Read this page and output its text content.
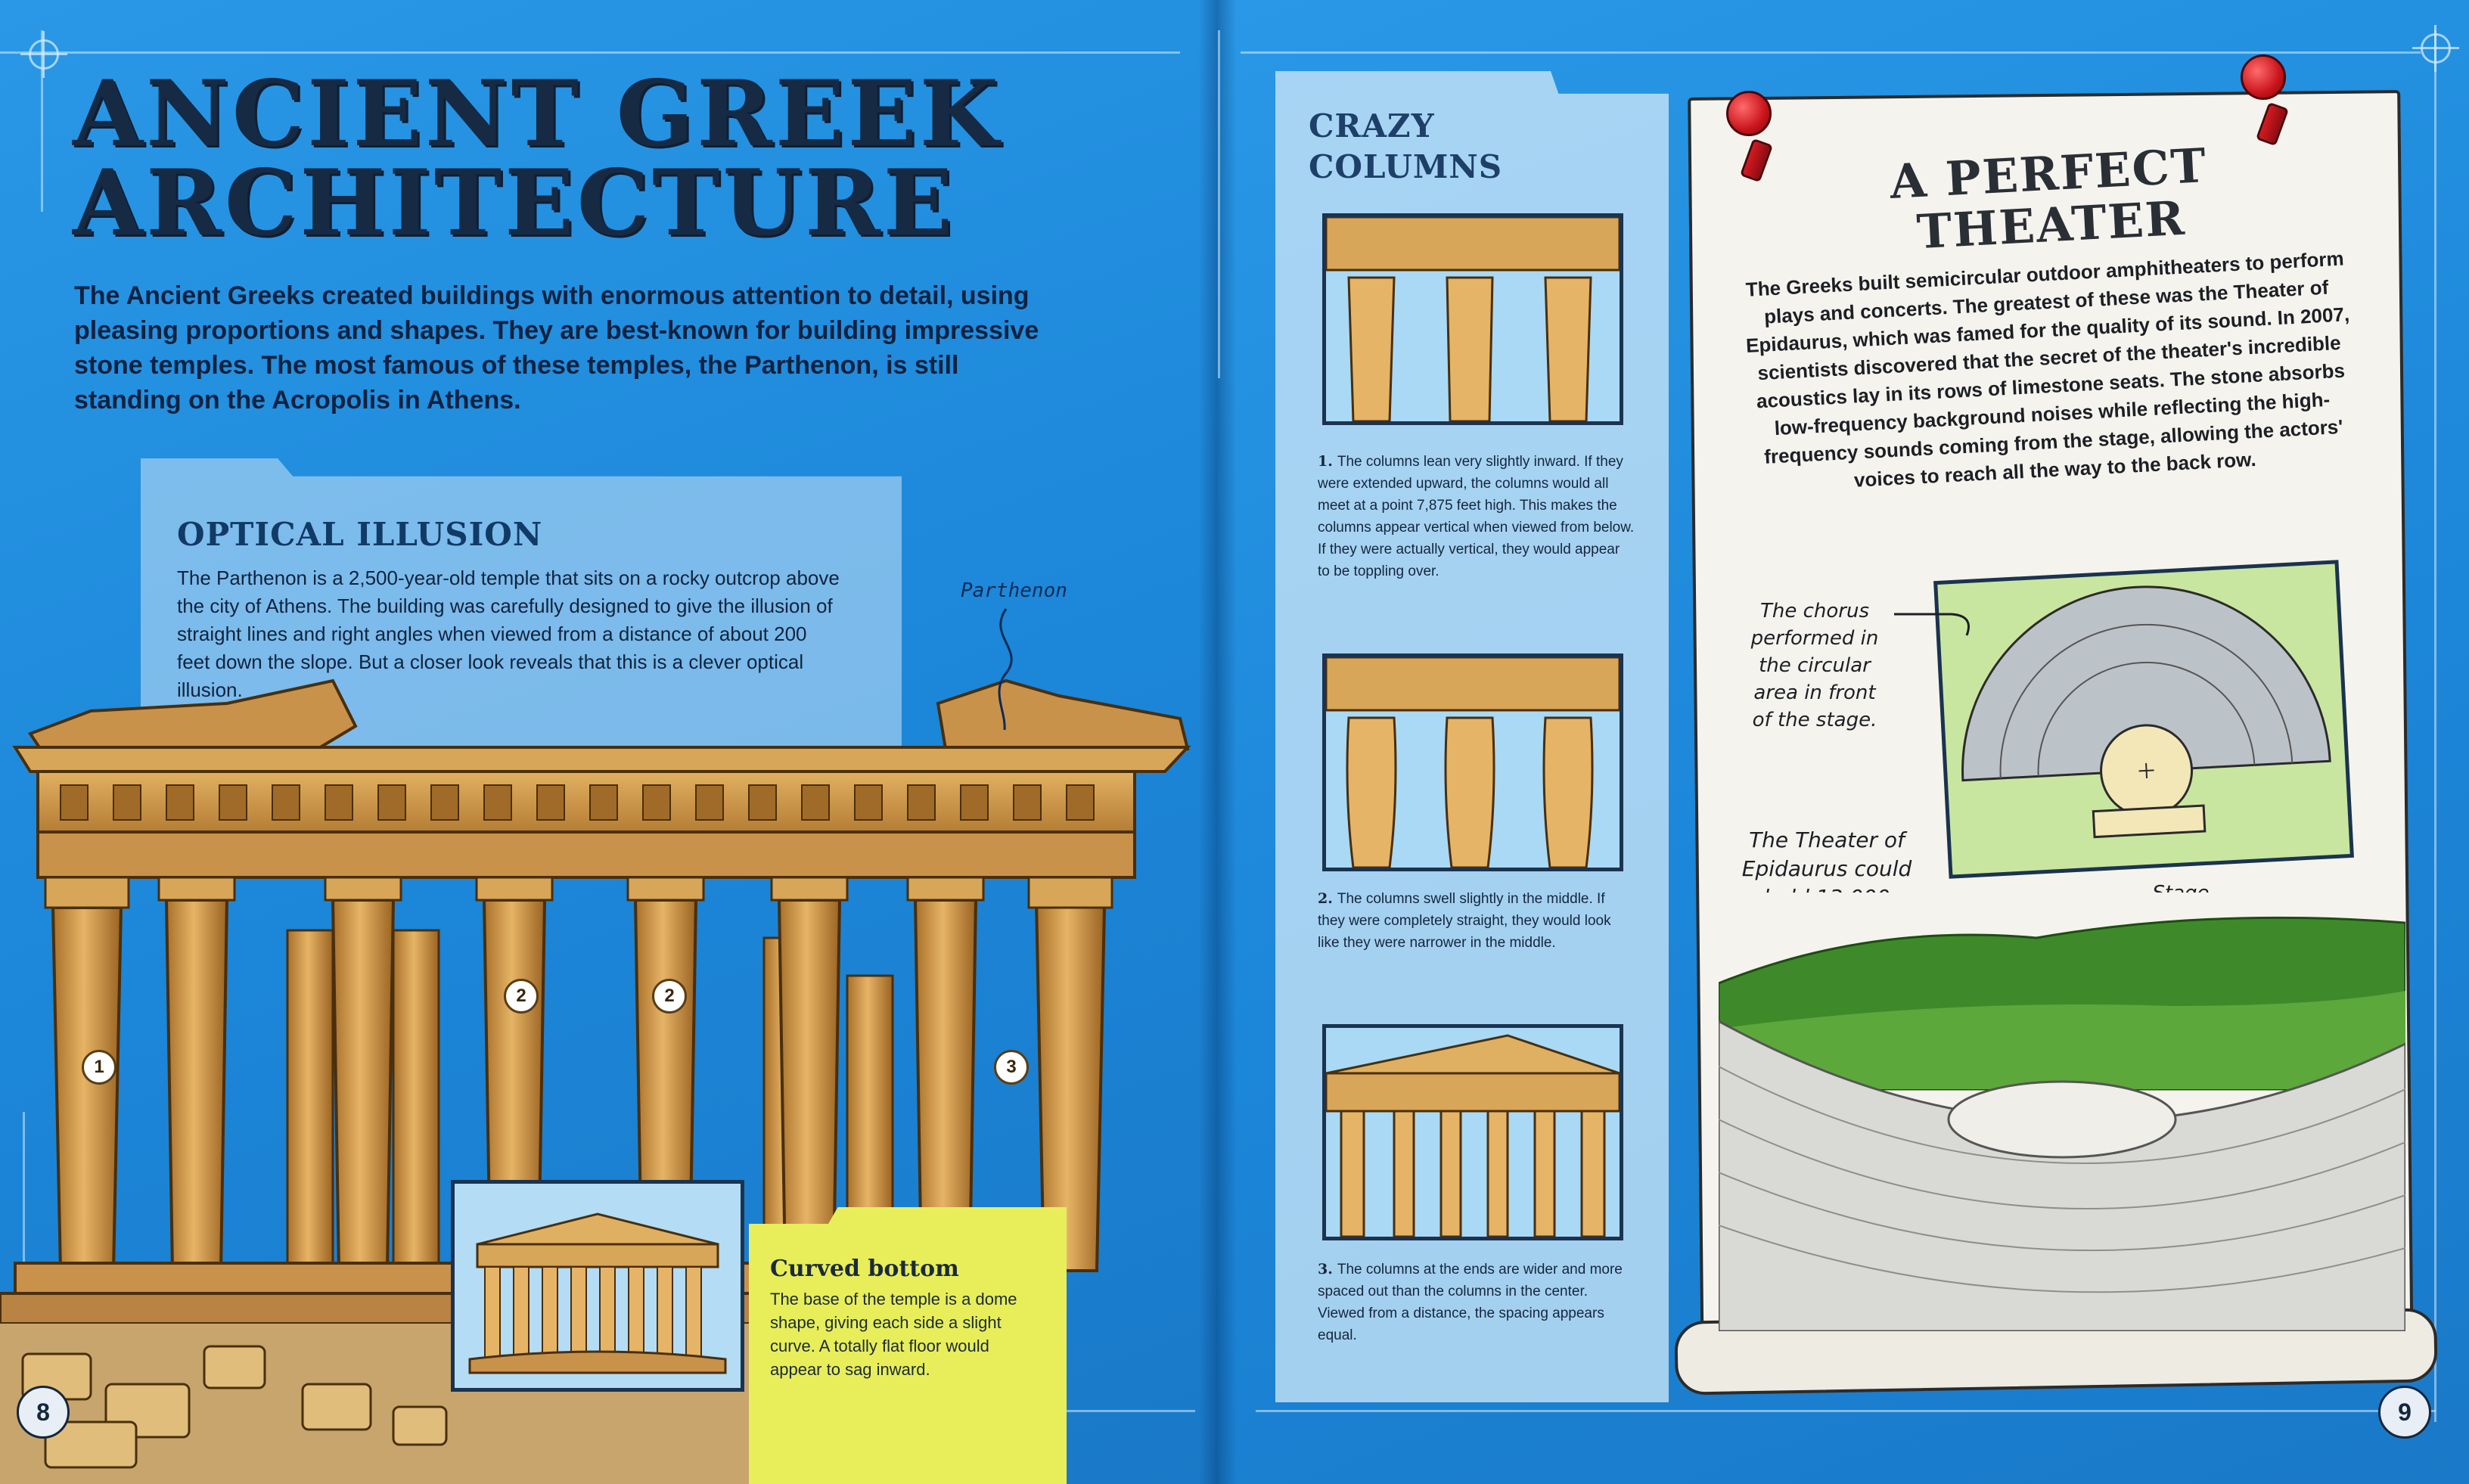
ANCIENT GREEK
ARCHITECTURE
The Ancient Greeks created buildings with enormous attention to detail, using pleasing proportions and shapes. They are best-known for building impressive stone temples. The most famous of these temples, the Parthenon, is still standing on the Acropolis in Athens.
OPTICAL ILLUSION
The Parthenon is a 2,500-year-old temple that sits on a rocky outcrop above the city of Athens. The building was carefully designed to give the illusion of straight lines and right angles when viewed from a distance of about 200 feet down the slope. But a closer look reveals that this is a clever optical illusion.
1
2	2
3
Parthenon
Curved bottom
The base of the temple is a dome shape, giving each side a slight curve. A totally flat floor would appear to sag inward.
8
CRAZY
COLUMNS
1. The columns lean very slightly inward. If they were extended upward, the columns would all meet at a point 7,875 feet high. This makes the columns appear vertical when viewed from below. If they were actually vertical, they would appear to be toppling over.
2. The columns swell slightly in the middle. If they were completely straight, they would look like they were narrower in the middle.
3. The columns at the ends are wider and more spaced out than the columns in the center. Viewed from a distance, the spacing appears equal.
A PERFECT
THEATER
The Greeks built semicircular outdoor amphitheaters to perform plays and concerts. The greatest of these was the Theater of Epidaurus, which was famed for the quality of its sound. In 2007, scientists discovered that the secret of the theater's incredible acoustics lay in its rows of limestone seats. The stone absorbs low-frequency background noises while reflecting the high-frequency sounds coming from the stage, allowing the actors' voices to reach all the way to the back row.
The chorus performed in the circular area in front of the stage.
The Theater of Epidaurus could
9
